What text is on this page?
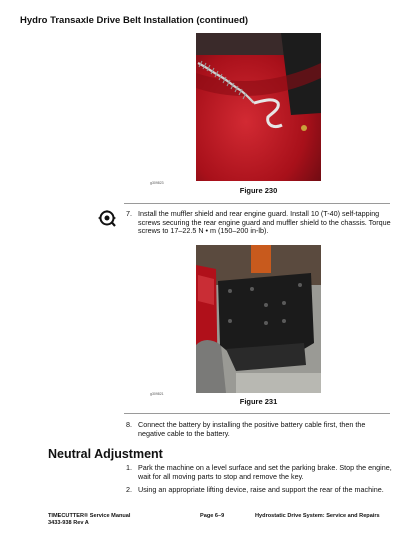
Hydro Transaxle Drive Belt Installation (continued)
g309823
Figure 230
7. Install the muffler shield and rear engine guard. Install 10 (T-40) self-tapping screws securing the rear engine guard and muffler shield to the chassis. Torque screws to 17–22.5 N • m (150–200 in-lb).
g309821
Figure 231
8. Connect the battery by installing the positive battery cable first, then the negative cable to the battery.
Neutral Adjustment
1. Park the machine on a level surface and set the parking brake. Stop the engine, wait for all moving parts to stop and remove the key.
2. Using an appropriate lifting device, raise and support the rear of the machine.
TIMECUTTER® Service Manual
3433-938 Rev A
Page 6–9	Hydrostatic Drive System: Service and Repairs
